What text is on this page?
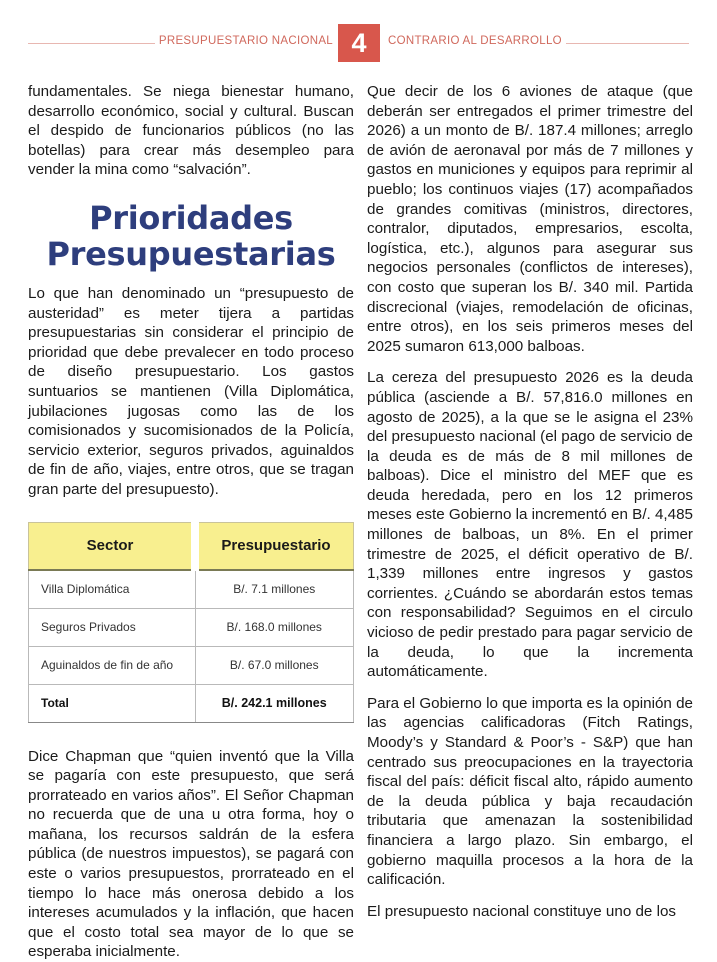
PRESUPUESTARIO NACIONAL 4	CONTRARIO AL DESARROLLO

fundamentales. Se niega bienestar humano, desarrollo económico, social y cultural. Buscan el despido de funcionarios públicos (no las botellas) para crear más desempleo para vender la mina como “salvación”.

Prioridades Presupuestarias

Lo que han denominado un “presupuesto de austeridad” es meter tijera a partidas presupuestarias sin considerar el principio de prioridad que debe prevalecer en todo proceso de diseño presupuestario. Los gastos suntuarios se mantienen (Villa Diplomática, jubilaciones jugosas como las de los comisionados y sucomisionados de la Policía, servicio exterior, seguros privados, aguinaldos de fin de año, viajes, entre otros, que se tragan gran parte del presupuesto).

Sector	Presupuestario
Villa Diplomática	B/. 7.1 millones
Seguros Privados	B/. 168.0 millones
Aguinaldos de fin de año	B/. 67.0 millones
Total	B/. 242.1 millones

Dice Chapman que “quien inventó que la Villa se pagaría con este presupuesto, que será prorrateado en varios años”. El Señor Chapman no recuerda que de una u otra forma, hoy o mañana, los recursos saldrán de la esfera pública (de nuestros impuestos), se pagará con este o varios presupuestos, prorrateado en el tiempo lo hace más onerosa debido a los intereses acumulados y la inflación, que hacen que el costo total sea mayor de lo que se esperaba inicialmente.

Que decir de los 6 aviones de ataque (que deberán ser entregados el primer trimestre del 2026) a un monto de B/. 187.4 millones; arreglo de avión de aeronaval por más de 7 millones y gastos en municiones y equipos para reprimir al pueblo; los continuos viajes (17) acompañados de grandes comitivas (ministros, directores, contralor, diputados, empresarios, escolta, logística, etc.), algunos para asegurar sus negocios personales (conflictos de intereses), con costo que superan los B/. 340 mil. Partida discrecional (viajes, remodelación de oficinas, entre otros), en los seis primeros meses del 2025 sumaron 613,000 balboas.

La cereza del presupuesto 2026 es la deuda pública (asciende a B/. 57,816.0 millones en agosto de 2025), a la que se le asigna el 23% del presupuesto nacional (el pago de servicio de la deuda es de más de 8 mil millones de balboas). Dice el ministro del MEF que es deuda heredada, pero en los 12 primeros meses este Gobierno la incrementó en B/. 4,485 millones de balboas, un 8%. En el primer trimestre de 2025, el déficit operativo de B/. 1,339 millones entre ingresos y gastos corrientes. ¿Cuándo se abordarán estos temas con responsabilidad? Seguimos en el circulo vicioso de pedir prestado para pagar servicio de la deuda, lo que la incrementa automáticamente.

Para el Gobierno lo que importa es la opinión de las agencias calificadoras (Fitch Ratings, Moody’s y Standard & Poor’s - S&P) que han centrado sus preocupaciones en la trayectoria fiscal del país: déficit fiscal alto, rápido aumento de la deuda pública y baja recaudación tributaria que amenazan la sostenibilidad financiera a largo plazo. Sin embargo, el gobierno maquilla procesos a la hora de la calificación.

El presupuesto nacional constituye uno de los
